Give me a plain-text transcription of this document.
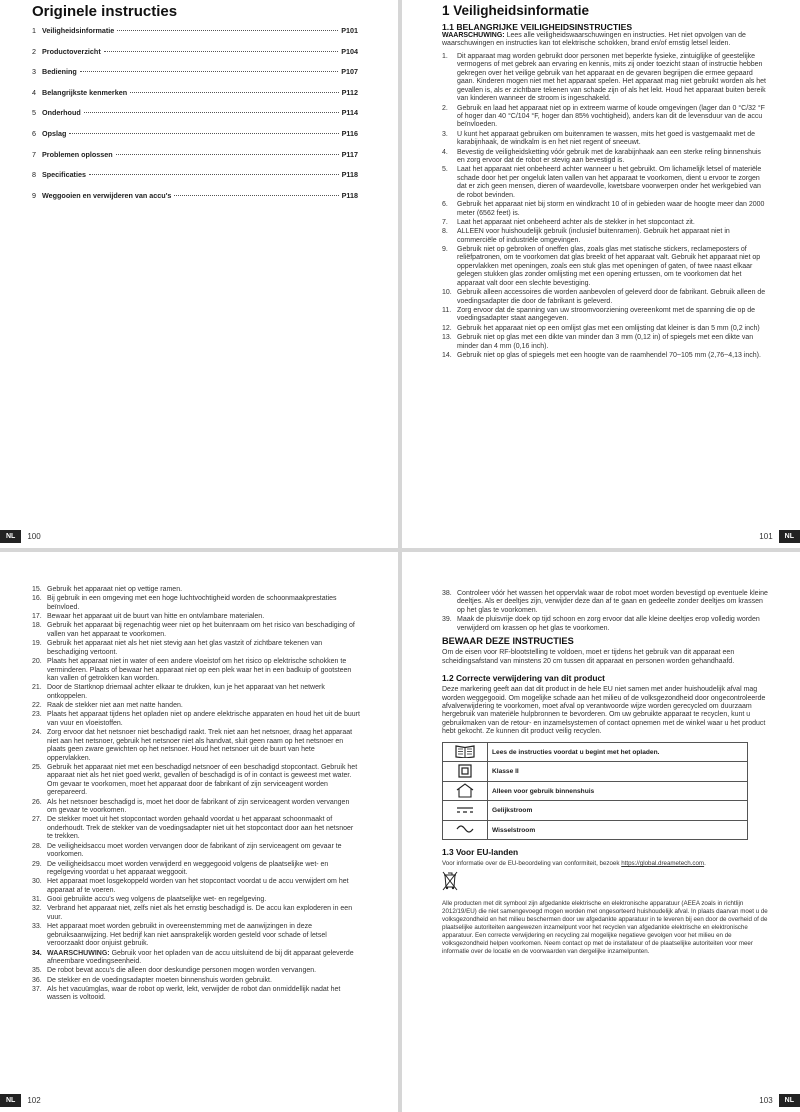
Originele instructies
1 Veiligheidsinformatie	P101
2 Productoverzicht	P104
3 Bediening	P107
4 Belangrijkste kenmerken	P112
5 Onderhoud	P114
6 Opslag	P116
7 Problemen oplossen	P117
8 Specificaties	P118
9 Weggooien en verwijderen van accu's	P118
NL	100
1 Veiligheidsinformatie
1.1 BELANGRIJKE VEILIGHEIDSINSTRUCTIES
WAARSCHUWING: Lees alle veiligheidswaarschuwingen en instructies. Het niet opvolgen van de waarschuwingen en instructies kan tot elektrische schokken, brand en/of ernstig letsel leiden.
1. Dit apparaat mag worden gebruikt door personen met beperkte fysieke, zintuiglijke of geestelijke vermogens of met gebrek aan ervaring en kennis, mits zij onder toezicht staan of instructie hebben gekregen over het veilige gebruik van het apparaat en de gevaren begrijpen die ermee gepaard gaan. Kinderen mogen niet met het apparaat spelen. Het apparaat mag niet gebruikt worden als het gevallen is, als er zichtbare tekenen van schade zijn of als het lekt. Houd het apparaat buiten bereik van kinderen wanneer de stroom is ingeschakeld.
2. Gebruik en laad het apparaat niet op in extreem warme of koude omgevingen (lager dan 0 °C/32 °F of hoger dan 40 °C/104 °F, hoger dan 85% vochtigheid), anders kan dit de levensduur van de accu beïnvloeden.
3. U kunt het apparaat gebruiken om buitenramen te wassen, mits het goed is vastgemaakt met de karabijnhaak, de windkalm is en het niet regent of sneeuwt.
4. Bevestig de veiligheidsketting vóór gebruik met de karabijnhaak aan een sterke reling binnenshuis en zorg ervoor dat de robot er stevig aan bevestigd is.
5. Laat het apparaat niet onbeheerd achter wanneer u het gebruikt. Om lichamelijk letsel of materiële schade door het per ongeluk laten vallen van het apparaat te voorkomen, dient u ervoor te zorgen dat er zich geen mensen, dieren of waardevolle, kwetsbare voorwerpen onder het werkgebied van de robot bevinden.
6. Gebruik het apparaat niet bij storm en windkracht 10 of in gebieden waar de hoogte meer dan 2000 meter (6562 feet) is.
7. Laat het apparaat niet onbeheerd achter als de stekker in het stopcontact zit.
8. ALLEEN voor huishoudelijk gebruik (inclusief buitenramen). Gebruik het apparaat niet in commerciële of industriële omgevingen.
9. Gebruik niet op gebroken of oneffen glas, zoals glas met statische stickers, reclameposters of reliëfpatronen, om te voorkomen dat glas breekt of het apparaat valt. Gebruik het apparaat niet op oppervlakken met openingen, zoals een stuk glas met openingen of gaten, of twee naast elkaar gelegen stukken glas zonder omlijsting met een opening ertussen, om te voorkomen dat het apparaat valt door een slechte bevestiging.
10. Gebruik alleen accessoires die worden aanbevolen of geleverd door de fabrikant. Gebruik alleen de voedingsadapter die door de fabrikant is geleverd.
11. Zorg ervoor dat de spanning van uw stroomvoorziening overeenkomt met de spanning die op de voedingsadapter staat aangegeven.
12. Gebruik het apparaat niet op een omlijst glas met een omlijsting dat kleiner is dan 5 mm (0,2 inch)
13. Gebruik niet op glas met een dikte van minder dan 3 mm (0,12 in) of spiegels met een dikte van minder dan 4 mm (0,16 inch).
14. Gebruik niet op glas of spiegels met een hoogte van de raamhendel 70~105 mm (2,76~4,13 inch).
101	NL
15. Gebruik het apparaat niet op vettige ramen.
16. Bij gebruik in een omgeving met een hoge luchtvochtigheid worden de schoonmaakprestaties beïnvloed.
17. Bewaar het apparaat uit de buurt van hitte en ontvlambare materialen.
18. Gebruik het apparaat bij regenachtig weer niet op het buitenraam om het risico van beschadiging of vallen van het apparaat te voorkomen.
19. Gebruik het apparaat niet als het niet stevig aan het glas vastzit of zichtbare tekenen van beschadiging vertoont.
20. Plaats het apparaat niet in water of een andere vloeistof om het risico op elektrische schokken te verminderen. Plaats of bewaar het apparaat niet op een plek waar het in een badkuip of gootsteen kan vallen of getrokken kan worden.
21. Door de Startknop driemaal achter elkaar te drukken, kun je het apparaat van het netwerk ontkoppelen.
22. Raak de stekker niet aan met natte handen.
23. Plaats het apparaat tijdens het opladen niet op andere elektrische apparaten en houd het uit de buurt van vuur en vloeistoffen.
24. Zorg ervoor dat het netsnoer niet beschadigd raakt. Trek niet aan het netsnoer, draag het apparaat niet aan het netsnoer, gebruik het netsnoer niet als handvat, sluit geen raam op het netsnoer en plaats geen zware gewichten op het netsnoer. Houd het netsnoer uit de buurt van hete oppervlakken.
25. Gebruik het apparaat niet met een beschadigd netsnoer of een beschadigd stopcontact. Gebruik het apparaat niet als het niet goed werkt, gevallen of beschadigd is of in contact is geweest met water. Om gevaar te voorkomen, moet het apparaat door de fabrikant of zijn serviceagent worden gerepareerd.
26. Als het netsnoer beschadigd is, moet het door de fabrikant of zijn serviceagent worden vervangen om gevaar te voorkomen.
27. De stekker moet uit het stopcontact worden gehaald voordat u het apparaat schoonmaakt of onderhoudt. Trek de stekker van de voedingsadapter niet uit het stopcontact door aan het netsnoer te trekken.
28. De veiligheidsaccu moet worden vervangen door de fabrikant of zijn serviceagent om gevaar te voorkomen.
29. De veiligheidsaccu moet worden verwijderd en weggegooid volgens de plaatselijke wet- en regelgeving voordat u het apparaat weggooit.
30. Het apparaat moet losgekoppeld worden van het stopcontact voordat u de accu verwijdert om het apparaat af te voeren.
31. Gooi gebruikte accu's weg volgens de plaatselijke wet- en regelgeving.
32. Verbrand het apparaat niet, zelfs niet als het ernstig beschadigd is. De accu kan exploderen in een vuur.
33. Het apparaat moet worden gebruikt in overeenstemming met de aanwijzingen in deze gebruiksaanwijzing. Het bedrijf kan niet aansprakelijk worden gesteld voor schade of letsel veroorzaakt door onjuist gebruik.
34. WAARSCHUWING: Gebruik voor het opladen van de accu uitsluitend de bij dit apparaat geleverde afneembare voedingseenheid.
35. De robot bevat accu's die alleen door deskundige personen mogen worden vervangen.
36. De stekker en de voedingsadapter moeten binnenshuis worden gebruikt.
37. Als het vacuümglas, waar de robot op werkt, lekt, verwijder de robot dan onmiddellijk nadat het wassen is voltooid.
NL	102
38. Controleer vóór het wassen het oppervlak waar de robot moet worden bevestigd op eventuele kleine deeltjes. Als er deeltjes zijn, verwijder deze dan af te gaan en gedeelte zonder deeltjes om krassen op het glas te voorkomen.
39. Maak de pluisvrije doek op tijd schoon en zorg ervoor dat alle kleine deeltjes erop volledig worden verwijderd om krassen op het glas te voorkomen.
BEWAAR DEZE INSTRUCTIES
Om de eisen voor RF-blootstelling te voldoen, moet er tijdens het gebruik van dit apparaat een scheidingsafstand van minstens 20 cm tussen dit apparaat en personen worden gehandhaafd.
1.2 Correcte verwijdering van dit product
Deze markering geeft aan dat dit product in de hele EU niet samen met ander huishoudelijk afval mag worden weggegooid. Om mogelijke schade aan het milieu of de volksgezondheid door ongecontroleerde afvalverwijdering te voorkomen, moet afval op verantwoorde wijze worden gerecycled om duurzaam hergebruik van materiële hulpbronnen te bevorderen. Om uw gebruikte apparaat te recyclen, kunt u gebruikmaken van de retour- en inzamelsystemen of contact opnemen met de winkel waar u het product hebt gekocht. Ze kunnen dit product veilig recyclen.
	Lees de instructies voordat u begint met het opladen.
	Klasse II
	Alleen voor gebruik binnenshuis
	Gelijkstroom
	Wisselstroom
1.3 Voor EU-landen
Voor informatie over de EU-beoordeling van conformiteit, bezoek https://global.dreametech.com.
Alle producten met dit symbool zijn afgedankte elektrische en elektronische apparatuur (AEEA zoals in richtlijn 2012/19/EU) die niet samengevoegd mogen worden met ongesorteerd huishoudelijk afval. In plaats daarvan moet u de volksgezondheid en het milieu beschermen door uw afgedankte apparatuur in te leveren bij een door de overheid of de plaatselijke autoriteiten aangewezen inzamelpunt voor het recyclen van afgedankte elektrische en elektronische apparatuur. Een correcte verwijdering en recycling zal mogelijke negatieve gevolgen voor het milieu en de volksgezondheid helpen voorkomen. Neem contact op met de installateur of de plaatselijke autoriteiten voor meer informatie over de locatie en de voorwaarden van dergelijke inzamelpunten.
103	NL
